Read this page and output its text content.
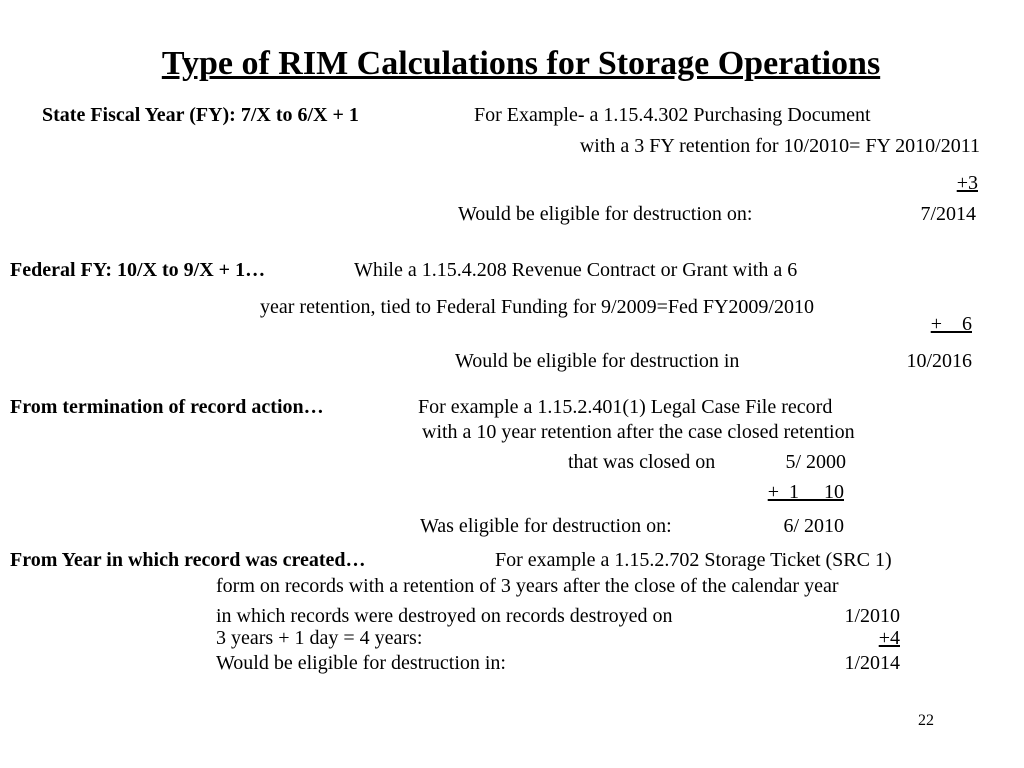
Type of RIM Calculations for Storage Operations
State Fiscal Year (FY): 7/X to 6/X + 1	For Example- a 1.15.4.302 Purchasing Document
with a 3 FY retention for 10/2010= FY 2010/2011
+3
Would be eligible for destruction on:	7/2014
Federal FY: 10/X to 9/X + 1…	While a 1.15.4.208 Revenue Contract or Grant with a 6
year retention, tied to Federal Funding for 9/2009=Fed FY2009/2010
+    6
Would be eligible for destruction in	10/2016
From termination of record action…	For example a 1.15.2.401(1) Legal Case File record
with a 10 year retention after the case closed retention
that was closed on	5/ 2000
+  1     10
Was eligible for destruction on:	6/ 2010
From Year in which record was created…	For example a 1.15.2.702 Storage Ticket (SRC 1)
form on records with a retention of 3 years after the close of the calendar year
in which records were destroyed on records destroyed on	1/2010
3 years + 1 day = 4 years:	+4
Would be eligible for destruction in:	1/2014
22
